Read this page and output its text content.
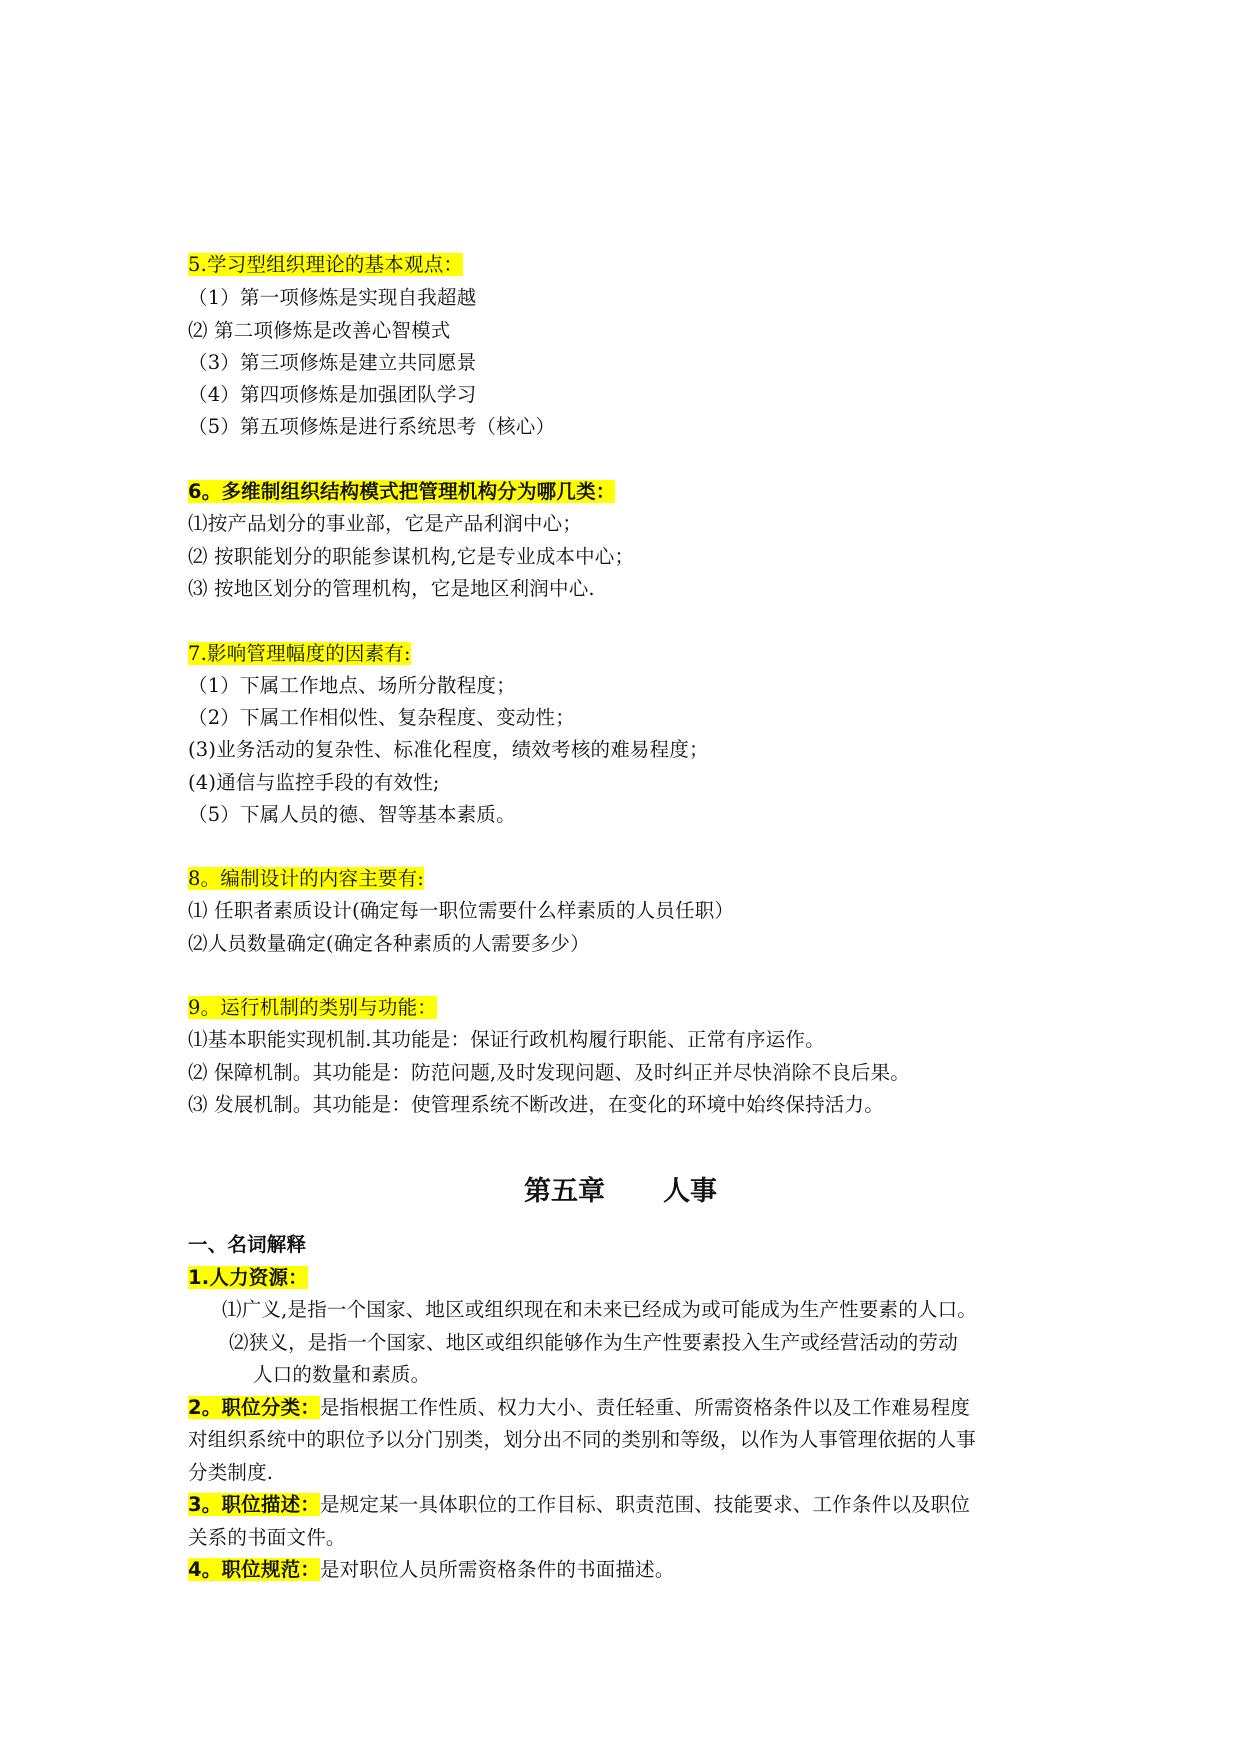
5.学习型组织理论的基本观点：
（1）第一项修炼是实现自我超越
⑵ 第二项修炼是改善心智模式
（3）第三项修炼是建立共同愿景
（4）第四项修炼是加强团队学习
（5）第五项修炼是进行系统思考（核心）
6。多维制组织结构模式把管理机构分为哪几类：
⑴按产品划分的事业部，它是产品利润中心；
⑵ 按职能划分的职能参谋机构,它是专业成本中心；
⑶ 按地区划分的管理机构，它是地区利润中心.
7.影响管理幅度的因素有:
（1）下属工作地点、场所分散程度；
（2）下属工作相似性、复杂程度、变动性；
(3)业务活动的复杂性、标准化程度，绩效考核的难易程度；
(4)通信与监控手段的有效性;
（5）下属人员的德、智等基本素质。
8。编制设计的内容主要有:
⑴ 任职者素质设计(确定每一职位需要什么样素质的人员任职）
⑵人员数量确定(确定各种素质的人需要多少）
9。运行机制的类别与功能：
⑴基本职能实现机制.其功能是：保证行政机构履行职能、正常有序运作。
⑵ 保障机制。其功能是：防范问题,及时发现问题、及时纠正并尽快消除不良后果。
⑶ 发展机制。其功能是：使管理系统不断改进，在变化的环境中始终保持活力。
第五章 人事
一、名词解释
1.人力资源：
⑴广义,是指一个国家、地区或组织现在和未来已经成为或可能成为生产性要素的人口。
⑵狭义，是指一个国家、地区或组织能够作为生产性要素投入生产或经营活动的劳动
人口的数量和素质。
2。职位分类：是指根据工作性质、权力大小、责任轻重、所需资格条件以及工作难易程度
对组织系统中的职位予以分门别类，划分出不同的类别和等级，以作为人事管理依据的人事
分类制度.
3。职位描述：是规定某一具体职位的工作目标、职责范围、技能要求、工作条件以及职位
关系的书面文件。
4。职位规范：是对职位人员所需资格条件的书面描述。
